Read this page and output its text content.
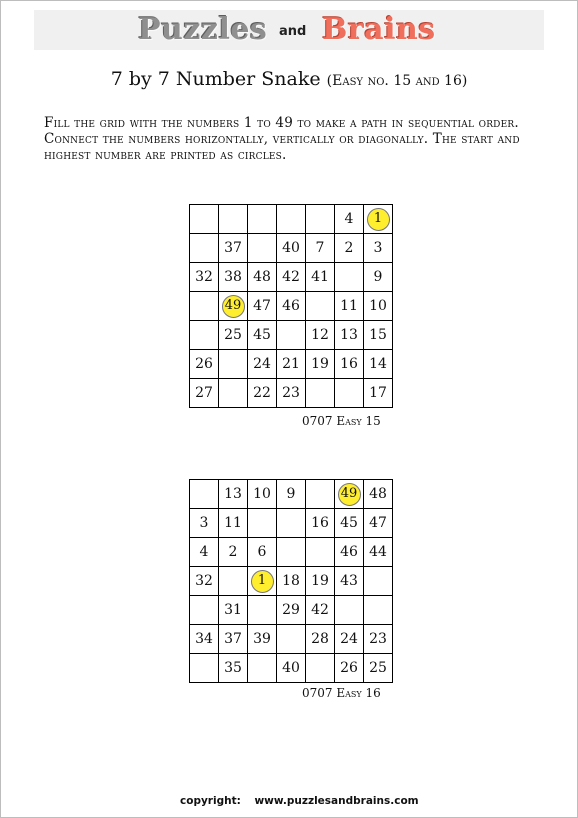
Puzzles and Brains
7 by 7 Number Snake (Easy no. 15 and 16)
Fill the grid with the numbers 1 to 49 to make a path in sequential order. Connect the numbers horizontally, vertically or diagonally. The start and highest number are printed as circles.
					4	1
	37		40	7	2	3
32	38	48	42	41		9
	49	47	46		11	10
	25	45		12	13	15
26		24	21	19	16	14
27		22	23			17
0707 Easy 15
	13	10	9		49	48
3	11			16	45	47
4	2	6			46	44
32		1	18	19	43	
	31		29	42		
34	37	39		28	24	23
	35		40		26	25
0707 Easy 16
copyright: www.puzzlesandbrains.com
